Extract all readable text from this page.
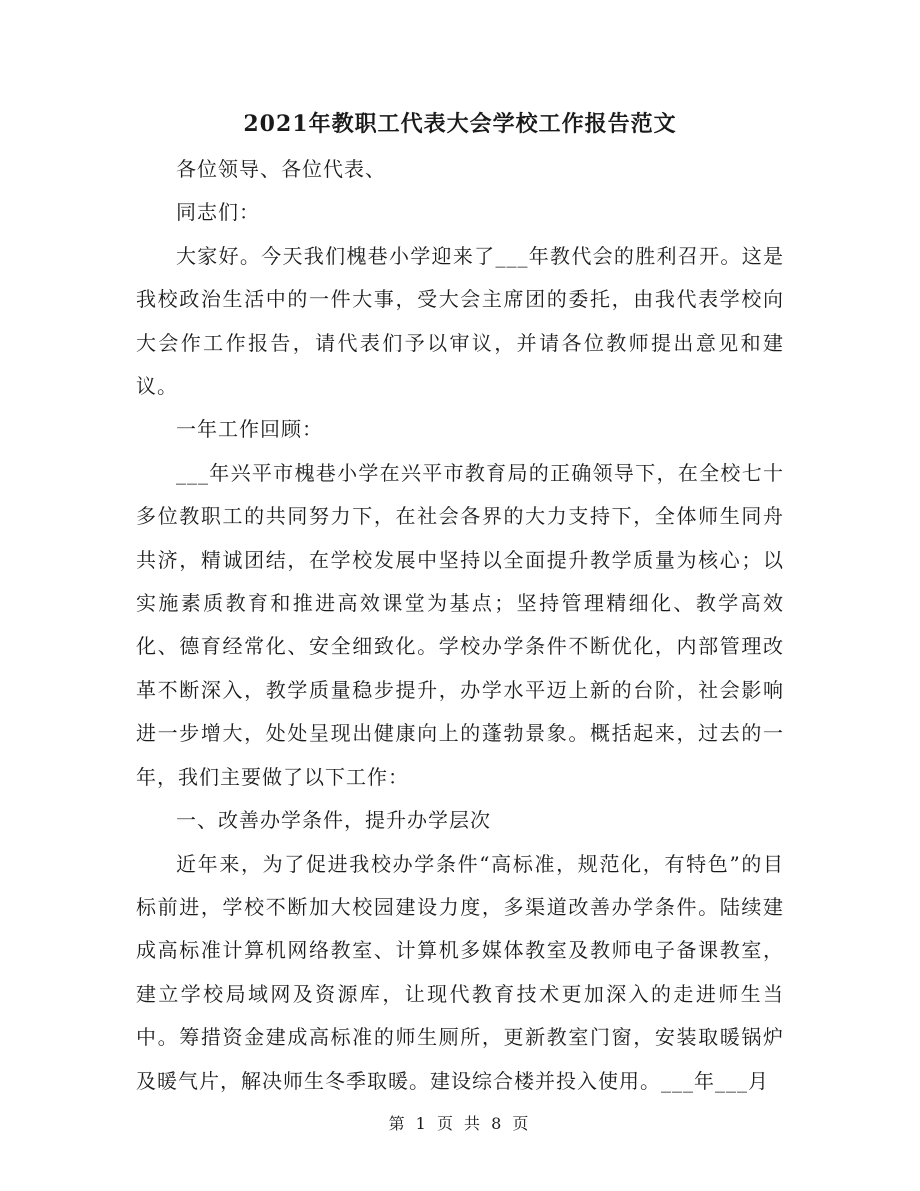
2021年教职工代表大会学校工作报告范文

各位领导、各位代表、

同志们：

大家好。今天我们槐巷小学迎来了___年教代会的胜利召开。这是我校政治生活中的一件大事，受大会主席团的委托，由我代表学校向大会作工作报告，请代表们予以审议，并请各位教师提出意见和建议。

一年工作回顾：

___年兴平市槐巷小学在兴平市教育局的正确领导下，在全校七十多位教职工的共同努力下，在社会各界的大力支持下，全体师生同舟共济，精诚团结，在学校发展中坚持以全面提升教学质量为核心；以实施素质教育和推进高效课堂为基点；坚持管理精细化、教学高效化、德育经常化、安全细致化。学校办学条件不断优化，内部管理改革不断深入，教学质量稳步提升，办学水平迈上新的台阶，社会影响进一步增大，处处呈现出健康向上的蓬勃景象。概括起来，过去的一年，我们主要做了以下工作：

一、改善办学条件，提升办学层次

近年来，为了促进我校办学条件“高标准，规范化，有特色”的目标前进，学校不断加大校园建设力度，多渠道改善办学条件。陆续建成高标准计算机网络教室、计算机多媒体教室及教师电子备课教室，建立学校局域网及资源库，让现代教育技术更加深入的走进师生当中。筹措资金建成高标准的师生厕所，更新教室门窗，安装取暖锅炉及暖气片，解决师生冬季取暖。建设综合楼并投入使用。___年___月

第 1 页 共 8 页
